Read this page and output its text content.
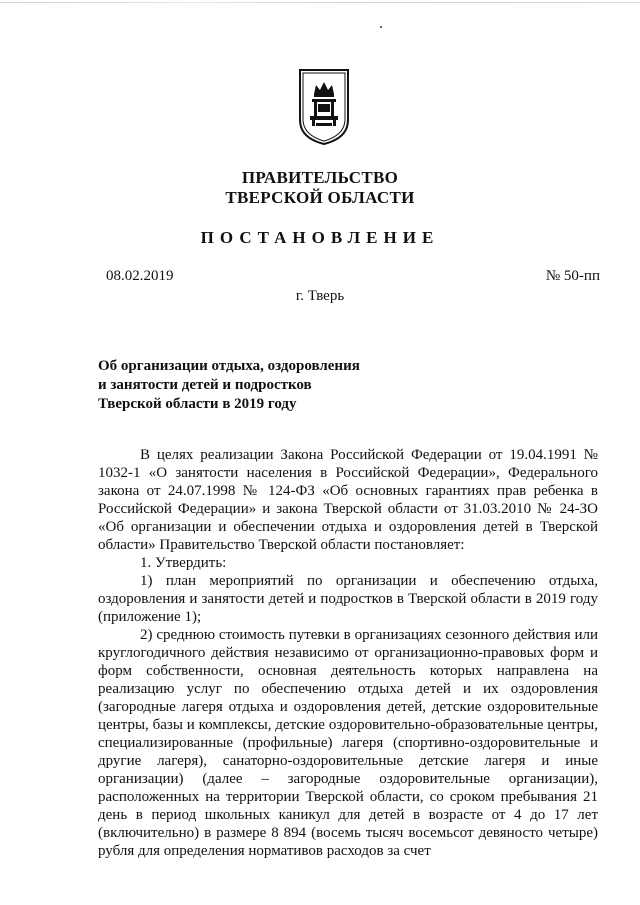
ПРАВИТЕЛЬСТВО
ТВЕРСКОЙ ОБЛАСТИ
ПОСТАНОВЛЕНИЕ
08.02.2019	№ 50-пп
г. Тверь
Об организации отдыха, оздоровления
и занятости детей и подростков
Тверской области в 2019 году

В целях реализации Закона Российской Федерации от 19.04.1991 № 1032-1 «О занятости населения в Российской Федерации», Федерального закона от 24.07.1998 № 124-ФЗ «Об основных гарантиях прав ребенка в Российской Федерации» и закона Тверской области от 31.03.2010 № 24-ЗО «Об организации и обеспечении отдыха и оздоровления детей в Тверской области» Правительство Тверской области постановляет:

1. Утвердить:

1) план мероприятий по организации и обеспечению отдыха, оздоровления и занятости детей и подростков в Тверской области в 2019 году (приложение 1);

2) среднюю стоимость путевки в организациях сезонного действия или круглогодичного действия независимо от организационно-правовых форм и форм собственности, основная деятельность которых направлена на реализацию услуг по обеспечению отдыха детей и их оздоровления (загородные лагеря отдыха и оздоровления детей, детские оздоровительные центры, базы и комплексы, детские оздоровительно-образовательные центры, специализированные (профильные) лагеря (спортивно-оздоровительные и другие лагеря), санаторно-оздоровительные детские лагеря и иные организации) (далее – загородные оздоровительные организации), расположенных на территории Тверской области, со сроком пребывания 21 день в период школьных каникул для детей в возрасте от 4 до 17 лет (включительно) в размере 8 894 (восемь тысяч восемьсот девяносто четыре) рубля для определения нормативов расходов за счет
